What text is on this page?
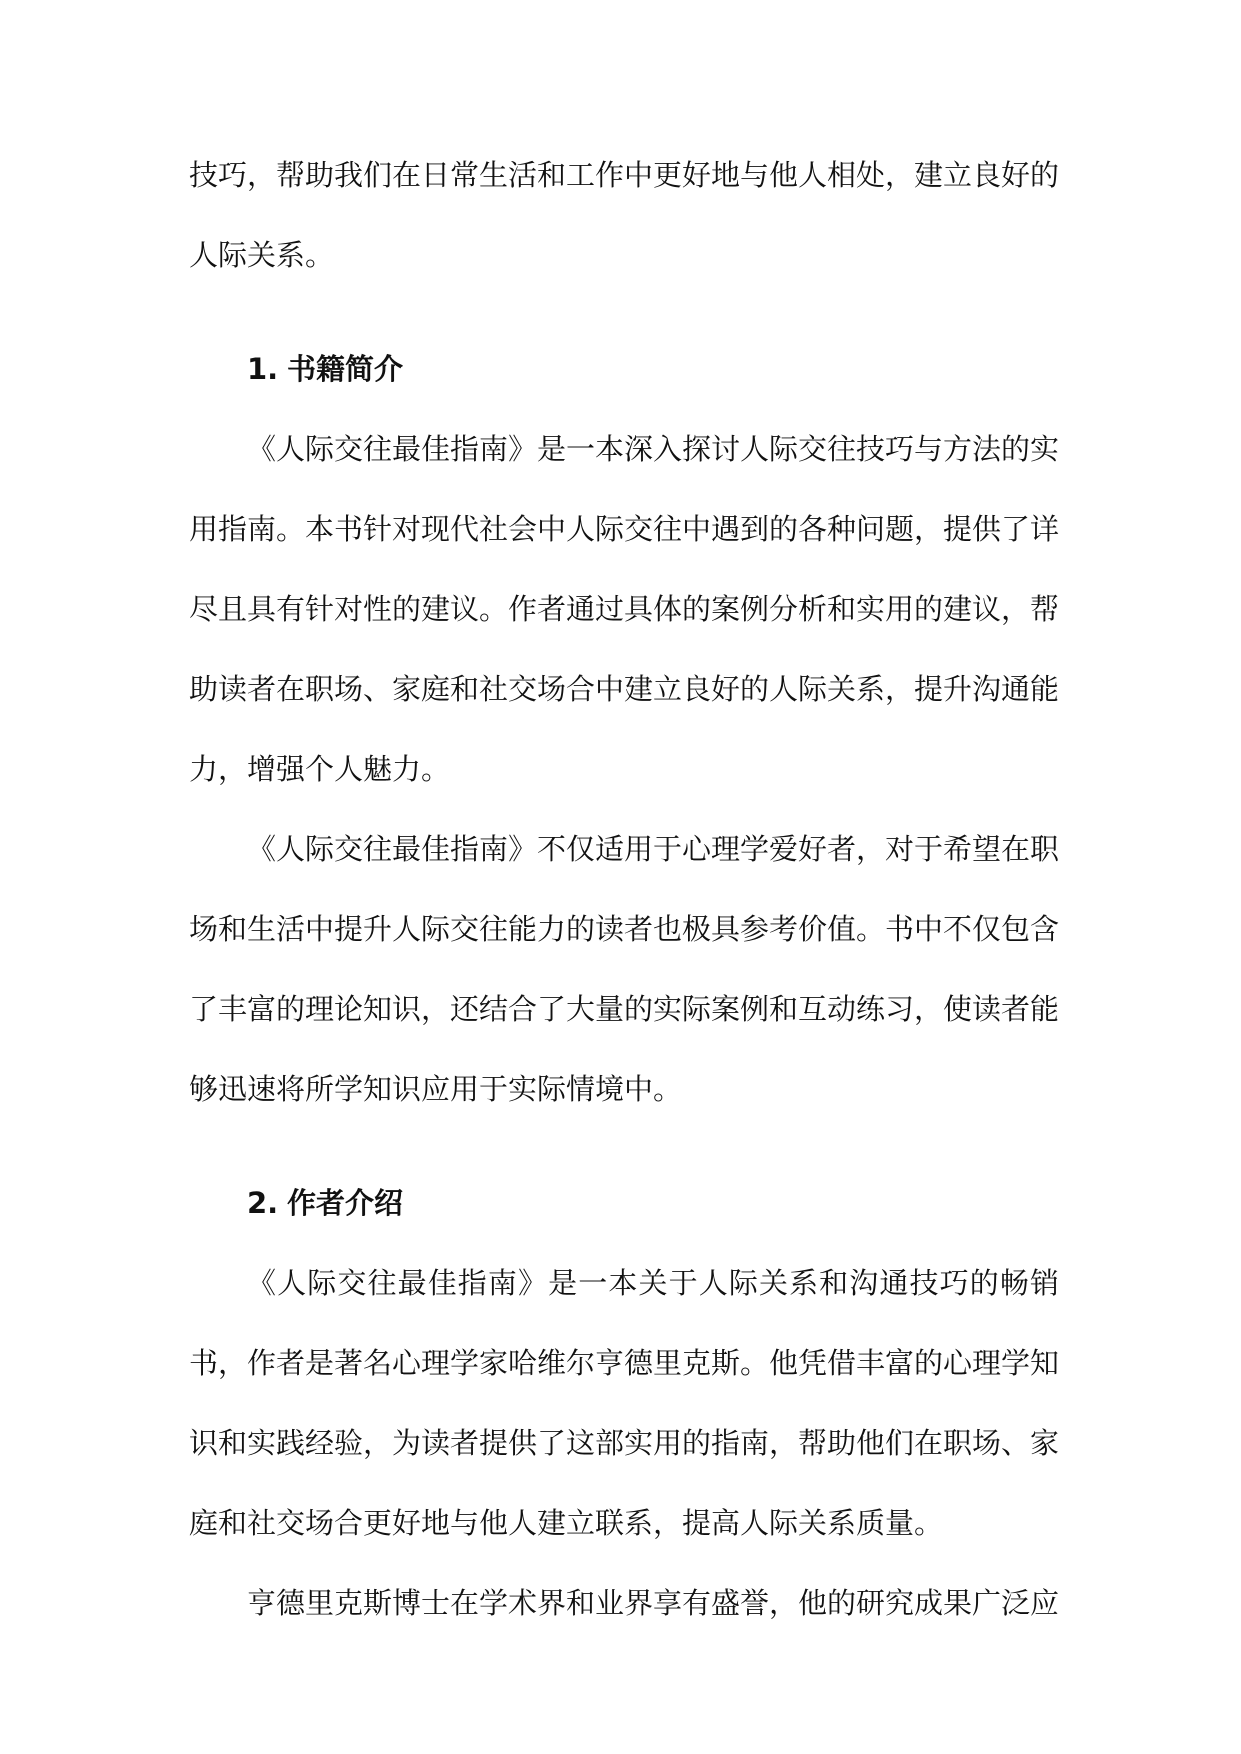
技巧，帮助我们在日常生活和工作中更好地与他人相处，建立良好的人际关系。

1. 书籍简介

《人际交往最佳指南》是一本深入探讨人际交往技巧与方法的实用指南。本书针对现代社会中人际交往中遇到的各种问题，提供了详尽且具有针对性的建议。作者通过具体的案例分析和实用的建议，帮助读者在职场、家庭和社交场合中建立良好的人际关系，提升沟通能力，增强个人魅力。

《人际交往最佳指南》不仅适用于心理学爱好者，对于希望在职场和生活中提升人际交往能力的读者也极具参考价值。书中不仅包含了丰富的理论知识，还结合了大量的实际案例和互动练习，使读者能够迅速将所学知识应用于实际情境中。

2. 作者介绍

《人际交往最佳指南》是一本关于人际关系和沟通技巧的畅销书，作者是著名心理学家哈维尔亨德里克斯。他凭借丰富的心理学知识和实践经验，为读者提供了这部实用的指南，帮助他们在职场、家庭和社交场合更好地与他人建立联系，提高人际关系质量。

亨德里克斯博士在学术界和业界享有盛誉，他的研究成果广泛应
